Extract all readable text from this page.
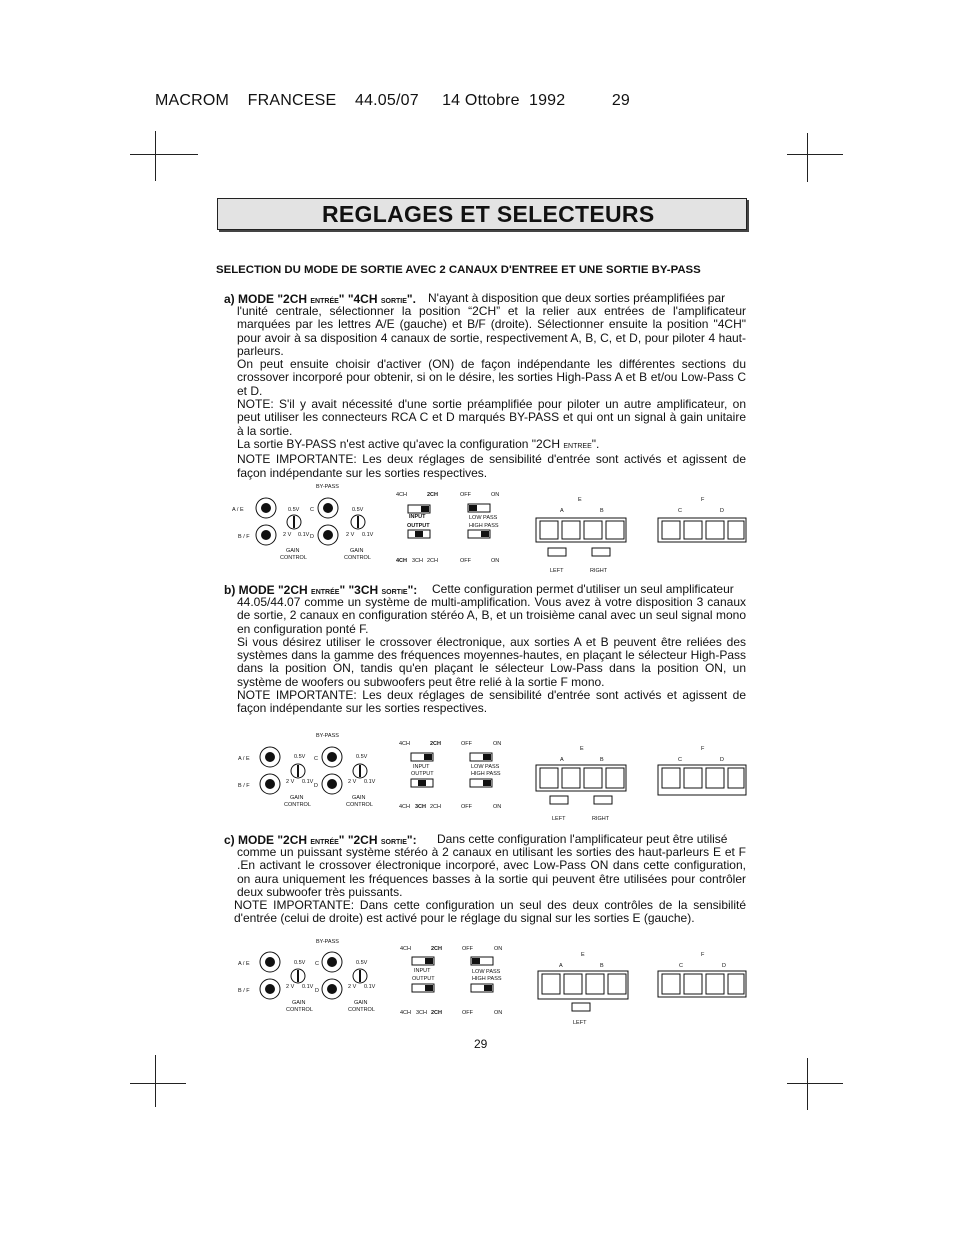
MACROM    FRANCESE    44.05/07     14 Ottobre  1992          29
REGLAGES ET SELECTEURS
SELECTION DU MODE DE SORTIE AVEC 2 CANAUX D'ENTREE ET UNE SORTIE BY-PASS
a) MODE "2CH ENTRÉE" "4CH SORTIE". N'ayant à disposition que deux sorties préamplifiées par

l'unité centrale, sélectionner la position “2CH” et la relier aux entrées de l'amplificateur marquées par les lettres A/E (gauche) et B/F (droite). Sélectionner ensuite la position "4CH" pour avoir à sa disposition 4 canaux de sortie, respectivement A, B, C, et D, pour piloter 4 haut-parleurs.

On peut ensuite choisir d'activer (ON) de façon indépendante les différentes sections du crossover incorporé pour obtenir, si on le désire, les sorties High-Pass A et B et/ou Low-Pass C et D.

NOTE: S'il y avait nécessité d'une sortie préamplifiée pour piloter un autre amplificateur, on peut utiliser les connecteurs RCA C et D marqués BY-PASS et qui ont un signal à gain unitaire à la sortie.

La sortie BY-PASS n'est active qu'avec la configuration "2CH ENTREE".

NOTE IMPORTANTE: Les deux réglages de sensibilité d'entrée sont activés et agissent de façon indépendante sur les sorties respectives.

BY-PASS
A / E
B / F
0.5V
2 V 0.1V
C
D
0.5V
2 V 0.1V
GAIN
CONTROL
GAIN
CONTROL
4CH	2CH
INPUT
OUTPUT
4CH 3CH 2CH
OFF	ON
LOW PASS
HIGH PASS
OFF	ON
E
A	B
LEFT	RIGHT
F
C	D
b) MODE "2CH ENTRÉE" "3CH SORTIE": Cette configuration permet d'utiliser un seul amplificateur

44.05/44.07 comme un système de multi-amplification. Vous avez à votre disposition 3 canaux de sortie, 2 canaux en configuration stéréo A, B, et un troisième canal avec un seul signal mono en configuration ponté F.

Si vous désirez utiliser le crossover électronique, aux sorties A et B peuvent être reliées des systèmes dans la gamme des fréquences moyennes-hautes, en plaçant le sélecteur High-Pass dans la position ON, tandis qu'en plaçant le sélecteur Low-Pass dans la position ON, un système de woofers ou subwoofers peut être relié à la sortie F mono.

NOTE IMPORTANTE: Les deux réglages de sensibilité d'entrée sont activés et agissent de façon indépendante sur les sorties respectives.

BY-PASS
A / E
B / F
0.5V
2 V 0.1V
C
D
0.5V
2 V 0.1V
GAIN
CONTROL
GAIN
CONTROL
4CH	2CH
INPUT
OUTPUT
4CH 3CH 2CH
OFF	ON
LOW PASS
HIGH PASS
OFF	ON
E
A	B
LEFT	RIGHT
F
C	D
c) MODE "2CH ENTRÉE" "2CH SORTIE": Dans cette configuration l'amplificateur peut être utilisé

comme un puissant système stéréo à 2 canaux en utilisant les sorties des haut-parleurs E et F .En activant le crossover électronique incorporé, avec Low-Pass ON dans cette configuration, on aura uniquement les fréquences basses à la sortie qui peuvent être utilisées pour contrôler deux subwoofer très puissants.

NOTE IMPORTANTE: Dans cette configuration un seul des deux contrôles de la sensibilité d'entrée (celui de droite) est activé pour le réglage du signal sur les sorties E (gauche).
BY-PASS
A / E
B / F
0.5V
2 V 0.1V
C
D
0.5V
2 V 0.1V
GAIN
CONTROL
GAIN
CONTROL
4CH	2CH
INPUT
OUTPUT
4CH 3CH 2CH
OFF	ON
LOW PASS
HIGH PASS
OFF	ON
E
A	B
LEFT
F
C	D
29
